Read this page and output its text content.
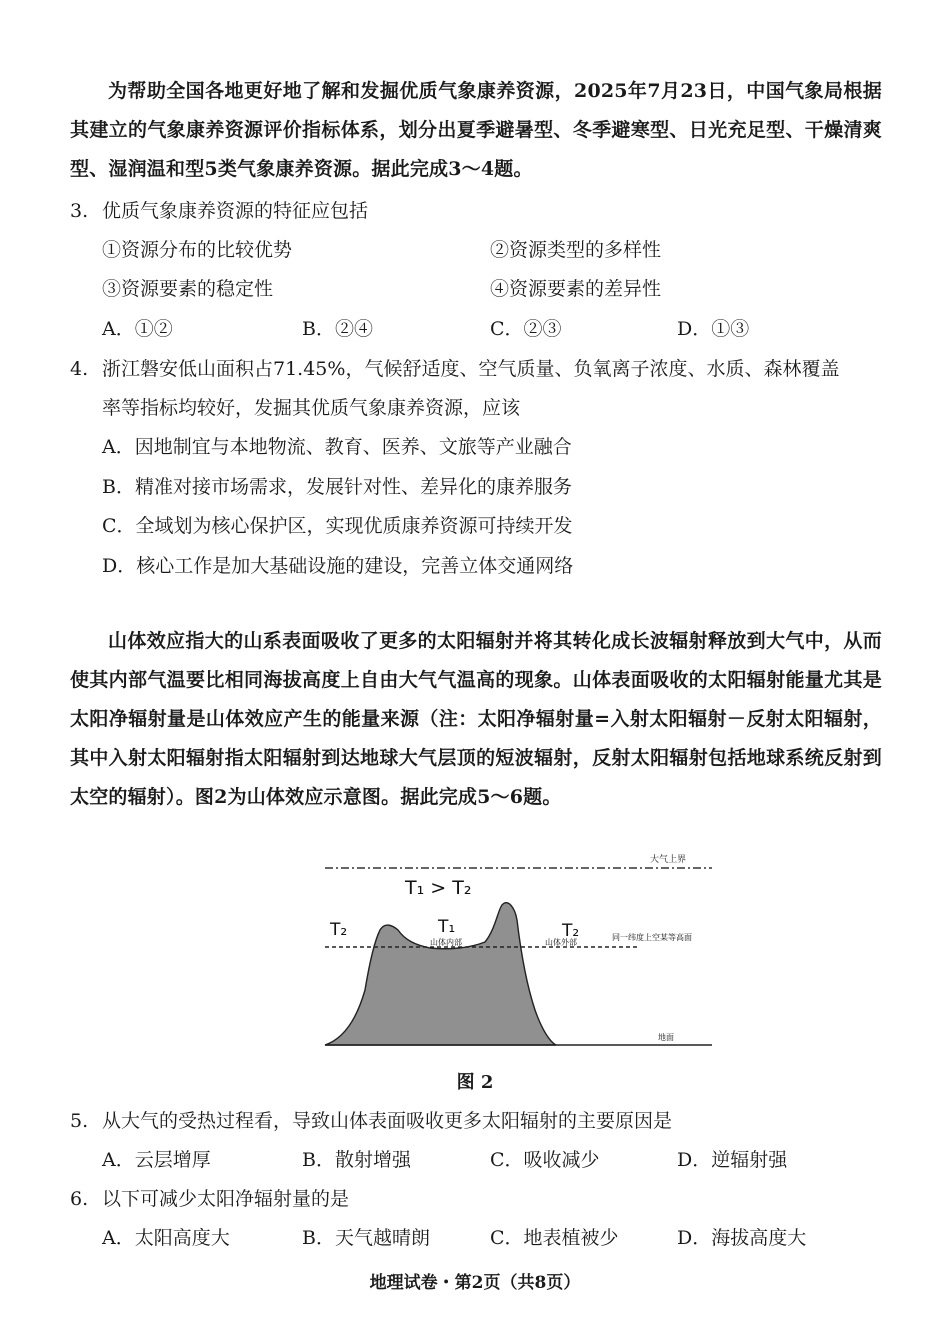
为帮助全国各地更好地了解和发掘优质气象康养资源，2025年7月23日，中国气象局根据其建立的气象康养资源评价指标体系，划分出夏季避暑型、冬季避寒型、日光充足型、干燥清爽型、湿润温和型5类气象康养资源。据此完成3～4题。
3. 优质气象康养资源的特征应包括
①资源分布的比较优势	②资源类型的多样性
③资源要素的稳定性	④资源要素的差异性
A．①②	B．②④	C．②③	D．①③
4. 浙江磐安低山面积占71.45%，气候舒适度、空气质量、负氧离子浓度、水质、森林覆盖
率等指标均较好，发掘其优质气象康养资源，应该
A．因地制宜与本地物流、教育、医养、文旅等产业融合
B．精准对接市场需求，发展针对性、差异化的康养服务
C．全域划为核心保护区，实现优质康养资源可持续开发
D．核心工作是加大基础设施的建设，完善立体交通网络
山体效应指大的山系表面吸收了更多的太阳辐射并将其转化成长波辐射释放到大气中，从而使其内部气温要比相同海拔高度上自由大气气温高的现象。山体表面吸收的太阳辐射能量尤其是太阳净辐射量是山体效应产生的能量来源（注：太阳净辐射量=入射太阳辐射－反射太阳辐射，其中入射太阳辐射指太阳辐射到达地球大气层顶的短波辐射，反射太阳辐射包括地球系统反射到太空的辐射）。图2为山体效应示意图。据此完成5～6题。
大气上界
T₁ > T₂
T₂	T₁	T₂
山体内部	山体外部
同一纬度上空某等高面
地面
图 2
5. 从大气的受热过程看，导致山体表面吸收更多太阳辐射的主要原因是
A．云层增厚	B．散射增强	C．吸收减少	D．逆辐射强
6. 以下可减少太阳净辐射量的是
A．太阳高度大	B．天气越晴朗	C．地表植被少	D．海拔高度大
地理试卷・第2页（共8页）
